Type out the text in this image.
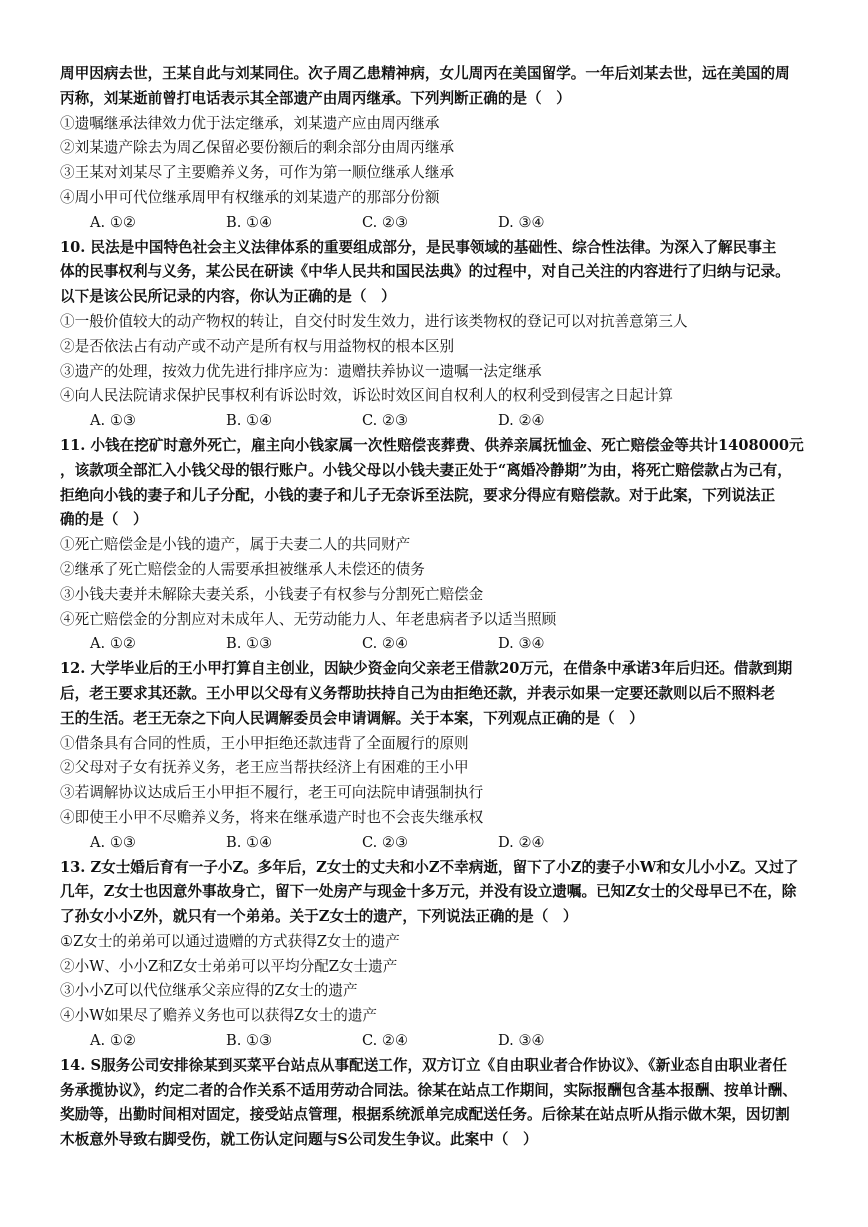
周甲因病去世，王某自此与刘某同住。次子周乙患精神病，女儿周丙在美国留学。一年后刘某去世，远在美国的周
丙称，刘某逝前曾打电话表示其全部遗产由周丙继承。下列判断正确的是（　）
①遗嘱继承法律效力优于法定继承，刘某遗产应由周丙继承
②刘某遗产除去为周乙保留必要份额后的剩余部分由周丙继承
③王某对刘某尽了主要赡养义务，可作为第一顺位继承人继承
④周小甲可代位继承周甲有权继承的刘某遗产的那部分份额
A. ①②	B. ①④	C. ②③	D. ③④
10. 民法是中国特色社会主义法律体系的重要组成部分，是民事领域的基础性、综合性法律。为深入了解民事主
体的民事权利与义务，某公民在研读《中华人民共和国民法典》的过程中，对自己关注的内容进行了归纳与记录。
以下是该公民所记录的内容，你认为正确的是（　）
①一般价值较大的动产物权的转让，自交付时发生效力，进行该类物权的登记可以对抗善意第三人
②是否依法占有动产或不动产是所有权与用益物权的根本区别
③遗产的处理，按效力优先进行排序应为：遗赠扶养协议一遗嘱一法定继承
④向人民法院请求保护民事权利有诉讼时效，诉讼时效区间自权利人的权利受到侵害之日起计算
A. ①③	B. ①④	C. ②③	D. ②④
11. 小钱在挖矿时意外死亡，雇主向小钱家属一次性赔偿丧葬费、供养亲属抚恤金、死亡赔偿金等共计1408000元
，该款项全部汇入小钱父母的银行账户。小钱父母以小钱夫妻正处于“离婚冷静期”为由，将死亡赔偿款占为己有，
拒绝向小钱的妻子和儿子分配，小钱的妻子和儿子无奈诉至法院，要求分得应有赔偿款。对于此案，下列说法正
确的是（　）
①死亡赔偿金是小钱的遗产，属于夫妻二人的共同财产
②继承了死亡赔偿金的人需要承担被继承人未偿还的债务
③小钱夫妻并未解除夫妻关系，小钱妻子有权参与分割死亡赔偿金
④死亡赔偿金的分割应对未成年人、无劳动能力人、年老患病者予以适当照顾
A. ①②	B. ①③	C. ②④	D. ③④
12. 大学毕业后的王小甲打算自主创业，因缺少资金向父亲老王借款20万元，在借条中承诺3年后归还。借款到期
后，老王要求其还款。王小甲以父母有义务帮助扶持自己为由拒绝还款，并表示如果一定要还款则以后不照料老
王的生活。老王无奈之下向人民调解委员会申请调解。关于本案，下列观点正确的是（　）
①借条具有合同的性质，王小甲拒绝还款违背了全面履行的原则
②父母对子女有抚养义务，老王应当帮扶经济上有困难的王小甲
③若调解协议达成后王小甲拒不履行，老王可向法院申请强制执行
④即使王小甲不尽赡养义务，将来在继承遗产时也不会丧失继承权
A. ①③	B. ①④	C. ②③	D. ②④
13. Z女士婚后育有一子小Z。多年后，Z女士的丈夫和小Z不幸病逝，留下了小Z的妻子小W和女儿小小Z。又过了
几年，Z女士也因意外事故身亡，留下一处房产与现金十多万元，并没有设立遗嘱。已知Z女士的父母早已不在，除
了孙女小小Z外，就只有一个弟弟。关于Z女士的遗产，下列说法正确的是（　）
①Z女士的弟弟可以通过遗赠的方式获得Z女士的遗产
②小W、小小Z和Z女士弟弟可以平均分配Z女士遗产
③小小Z可以代位继承父亲应得的Z女士的遗产
④小W如果尽了赡养义务也可以获得Z女士的遗产
A. ①②	B. ①③	C. ②④	D. ③④
14. S服务公司安排徐某到买菜平台站点从事配送工作，双方订立《自由职业者合作协议》、《新业态自由职业者任
务承揽协议》，约定二者的合作关系不适用劳动合同法。徐某在站点工作期间，实际报酬包含基本报酬、按单计酬、
奖励等，出勤时间相对固定，接受站点管理，根据系统派单完成配送任务。后徐某在站点听从指示做木架，因切割
木板意外导致右脚受伤，就工伤认定问题与S公司发生争议。此案中（　）
